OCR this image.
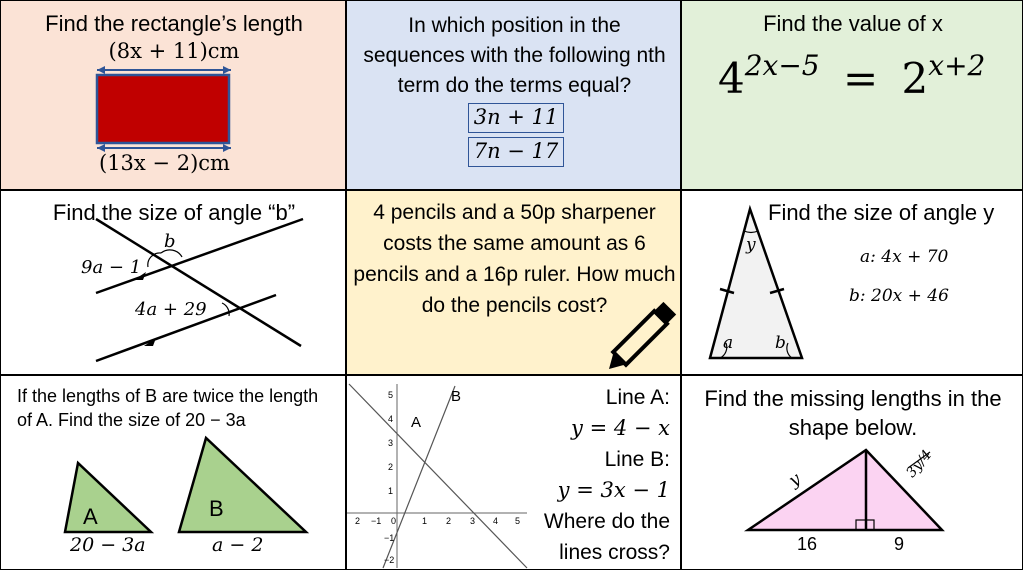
Find the rectangle’s length
(8x + 11)cm
(13x − 2)cm
In which position in the sequences with the following nth term do the terms equal?
3n + 11
7n − 17
Find the value of x
$4^{2x-5} = 2^{x+2}$
Find the size of angle “b”
b
9a − 1
4a + 29
4 pencils and a 50p sharpener costs the same amount as 6 pencils and a 16p ruler. How much do the pencils cost?
Find the size of angle y
y
a b
a: 4x + 70
b: 20x + 46
If the lengths of B are twice the length of A. Find the size of 20 − 3a
A	B
20 − 3a	a − 2
A
B
5
4
3
2
1
−1
−2
2 −1 0	1 2 3 4 5
Line A:
y = 4 − x
Line B:
y = 3x − 1
Where do the
lines cross?
Find the missing lengths in the shape below.
y	3y/4
16	9
